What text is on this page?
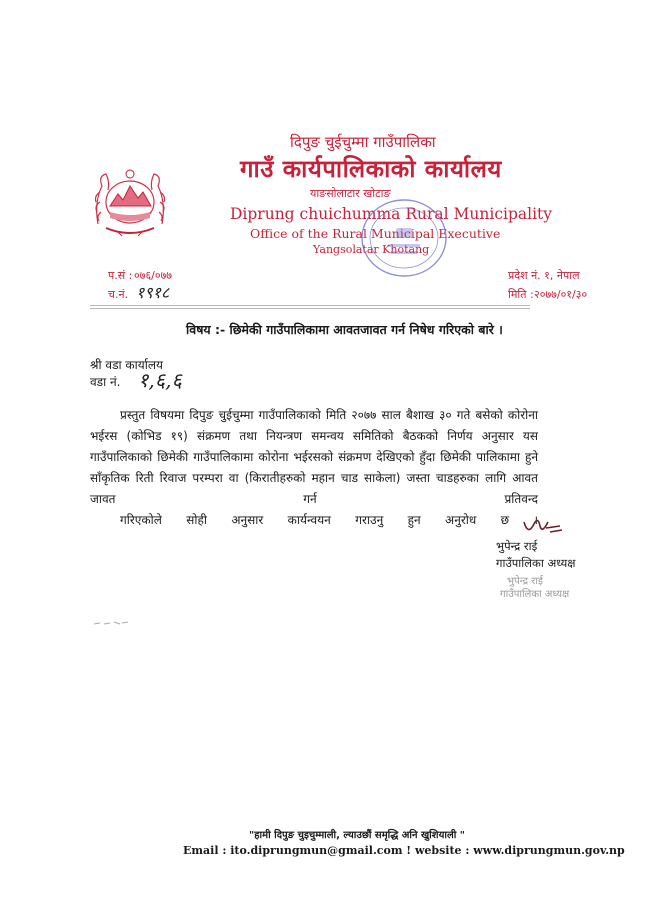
दिपुङ चुईचुम्मा गाउँपालिका
गाउँ कार्यपालिकाको कार्यालय
याङसोलाटार खोटाङ
Diprung chuichumma Rural Municipality
Office of the Rural Municipal Executive
Yangsolatar Khotang
प.सं : ०७६/०७७
च.नं. १९१८
प्रदेश नं. १, नेपाल
मिति : २०७७/०१/३०
विषय :- छिमेकी गाउँपालिकामा आवतजावत गर्न निषेध गरिएको बारे ।
श्री वडा कार्यालय
वडा नं. १,६,६

प्रस्तुत विषयमा दिपुङ चुईचुम्मा गाउँपालिकाको मिति २०७७ साल बैशाख ३० गते बसेको कोरोना भईरस (कोभिड १९) संक्रमण तथा नियन्त्रण समन्वय समितिको बैठकको निर्णय अनुसार यस गाउँपालिकाको छिमेकी गाउँपालिकामा कोरोना भईरसको संक्रमण देखिएको हुँदा छिमेकी पालिकामा हुने साँकृतिक रिती रिवाज परम्परा वा (किरातीहरुको महान चाड साकेला) जस्ता चाडहरुका लागि आवत जावत गर्न प्रतिवन्द
गरिएकोले सोही अनुसार कार्यन्वयन गराउनु हुन अनुरोध छ ।

भुपेन्द्र राई
गाउँपालिका अध्यक्ष
भुपेन्द्र राई
गाउँपालिका अध्यक्ष
"हामी दिपुङ चुइचुम्माली, ल्याउछौं समृद्धि अनि खुशियाली "
Email : ito.diprungmun@gmail.com ! website : www.diprungmun.gov.np
